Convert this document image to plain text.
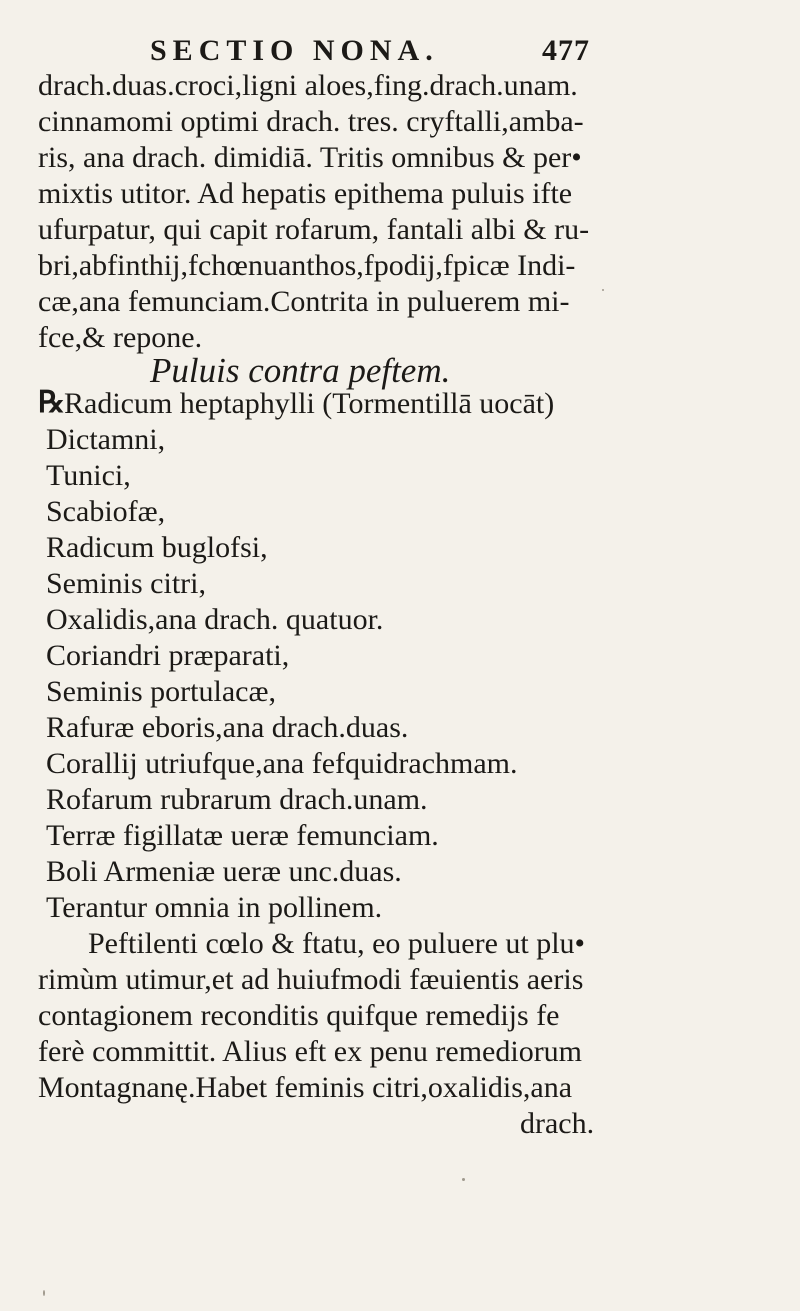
SECTIO NONA.	477
drach.duas.croci,ligni aloes,fing.drach.unam.
cinnamomi optimi drach. tres. cryftalli,amba-
ris, ana drach. dimidiā. Tritis omnibus & per•
mixtis utitor. Ad hepatis epithema puluis ifte
ufurpatur, qui capit rofarum, fantali albi & ru-
bri,abfinthij,fchœnuanthos,fpodij,fpicæ Indi-
cæ,ana femunciam.Contrita in puluerem mi-
fce,& repone.
Puluis contra peftem.
℞ Radicum heptaphylli (Tormentillā uocāt)
Dictamni,
Tunici,
Scabiofæ,
Radicum buglofsi,
Seminis citri,
Oxalidis,ana drach. quatuor.
Coriandri præparati,
Seminis portulacæ,
Rafuræ eboris,ana drach.duas.
Corallij utriufque,ana fefquidrachmam.
Rofarum rubrarum drach.unam.
Terræ figillatæ ueræ femunciam.
Boli Armeniæ ueræ unc.duas.
Terantur omnia in pollinem.
Peftilenti cœlo & ftatu, eo puluere ut plu•
rimùm utimur,et ad huiufmodi fæuientis aeris
contagionem reconditis quifque remedijs fe
ferè committit. Alius eft ex penu remediorum
Montagnanę.Habet feminis citri,oxalidis,ana
drach.
